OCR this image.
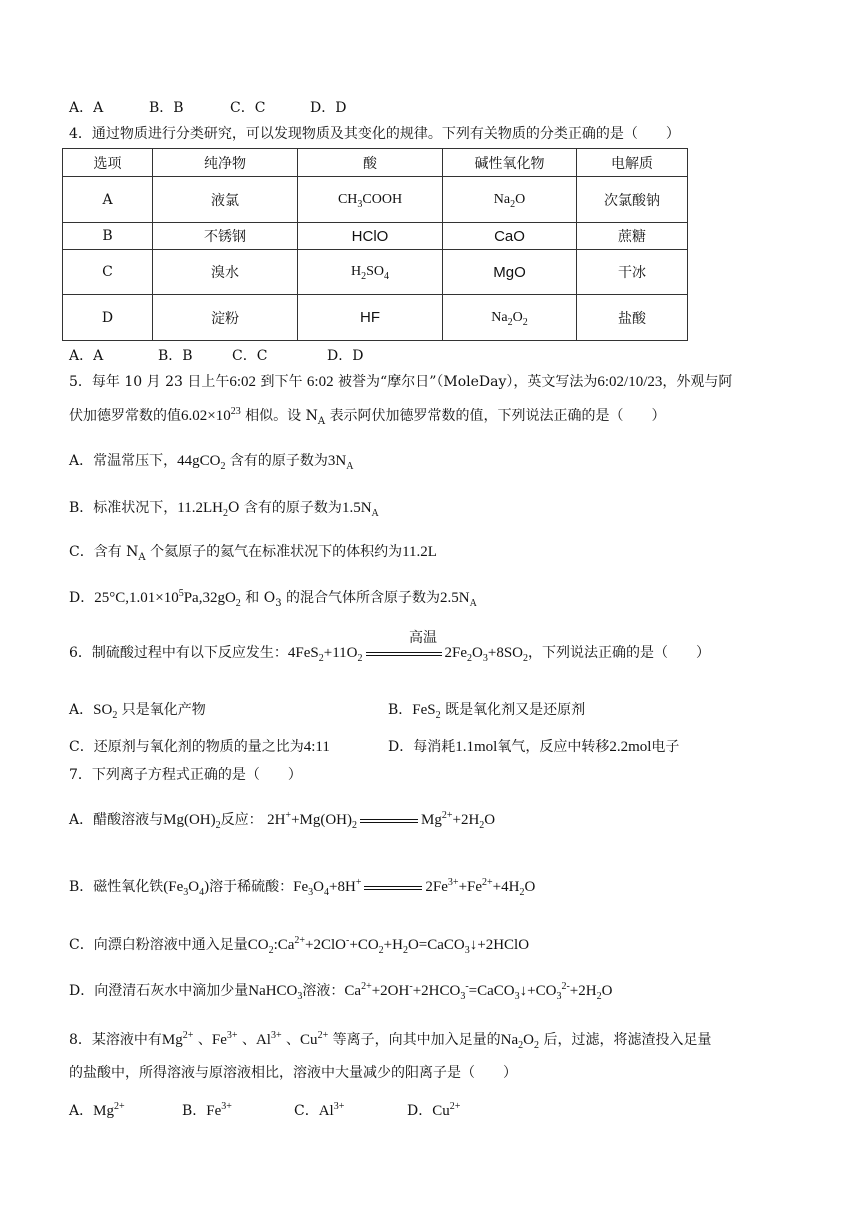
A．A	B．B	C．C	D．D
4．通过物质进行分类研究，可以发现物质及其变化的规律。下列有关物质的分类正确的是（　　）
选项	纯净物	酸	碱性氧化物	电解质
A	液氯	$CH_3COOH$	$Na_2O$	次氯酸钠
B	不锈钢	HClO	CaO	蔗糖
C	溴水	$H_2SO_4$	MgO	干冰
D	淀粉	HF	$Na_2O_2$	盐酸
A．A	B．B	C．C	D．D
5．每年 10 月 23 日上午6:02 到下午 6:02 被誉为“摩尔日”（MoleDay），英文写法为6:02/10/23，外观与阿
伏加德罗常数的值$6.02\times 10^{23}$ 相似。设 $N_A$ 表示阿伏加德罗常数的值，下列说法正确的是（　　）
A．常温常压下，44gCO$_2$ 含有的原子数为$3N_A$
B．标准状况下，$11.2LH_2O$ 含有的原子数为$1.5N_A$
C．含有 $N_A$ 个氦原子的氦气在标准状况下的体积约为11.2L
D．$25^\circ C,1.01\times 10^5Pa,32gO_2$ 和 $O_3$ 的混合气体所含原子数为$2.5N_A$
高温
6．制硫酸过程中有以下反应发生：$4FeS_2+11O_2$	$2Fe_2O_3+8SO_2$，下列说法正确的是（　　）
A．$SO_2$ 只是氧化产物	B．FeS$_2$ 既是氧化剂又是还原剂
C．还原剂与氧化剂的物质的量之比为4:11	D．每消耗1.1mol氧气，反应中转移2.2mol电子
7．下列离子方程式正确的是（　　）
A．醋酸溶液与$Mg(OH)_2$反应： $2H^++Mg(OH)_2$	$Mg^{2+}+2H_2O$
B．磁性氧化铁$(Fe_3O_4)$溶于稀硫酸：$Fe_3O_4+8H^+$	$2Fe^{3+}+Fe^{2+}+4H_2O$
C．向漂白粉溶液中通入足量$CO_2:Ca^{2+}+2ClO^-+CO_2+H_2O=CaCO_3↓+2HClO$
D．向澄清石灰水中滴加少量NaHCO$_3$溶液：$Ca^{2+}+2OH^-+2HCO_3^-=CaCO_3↓+CO_3^{2-}+2H_2O$
8．某溶液中有$Mg^{2+}$ 、$Fe^{3+}$ 、$Al^{3+}$ 、$Cu^{2+}$ 等离子，向其中加入足量的$Na_2O_2$ 后，过滤，将滤渣投入足量
的盐酸中，所得溶液与原溶液相比，溶液中大量减少的阳离子是（　　）
A．$Mg^{2+}$	B．$Fe^{3+}$	C．$Al^{3+}$	D．$Cu^{2+}$
